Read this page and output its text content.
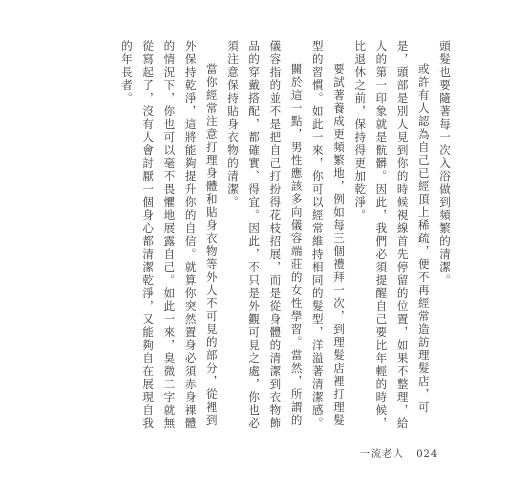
頭髮也要隨著每一次入浴做到頻繁的清潔。

或許有人認為自己已經頂上稀疏，便不再經常造訪理髮店，可是，頭部是別人見到你的時候視線首先停留的位置，如果不整理，給人的第一印象就是骯髒。因此，我們必須提醒自己要比年輕的時候，比退休之前，保持得更加乾淨。

要試著養成更頻繁地，例如每三個禮拜一次，到理髮店裡打理髮型的習慣。如此一來，你可以經常維持相同的髮型，洋溢著清潔感。

關於這一點，男性應該多向儀容端莊的女性學習。當然，所謂的儀容指的並不是把自己打扮得花枝招展，而是從身體的清潔到衣物飾品的穿戴搭配，都確實、得宜。因此，不只是外觀可見之處，你也必須注意保持貼身衣物的清潔。

當你經常注意打理身體和貼身衣物等外人不可見的部分，從裡到外保持乾淨，這將能夠提升你的自信。就算你突然置身必須赤身裸體的情況下，你也可以毫不畏懼地展露自己。如此一來，臭微二字就無從寫起了，沒有人會討厭一個身心都清潔乾淨，又能夠自在展現自我的年長者。

一流老人 024
